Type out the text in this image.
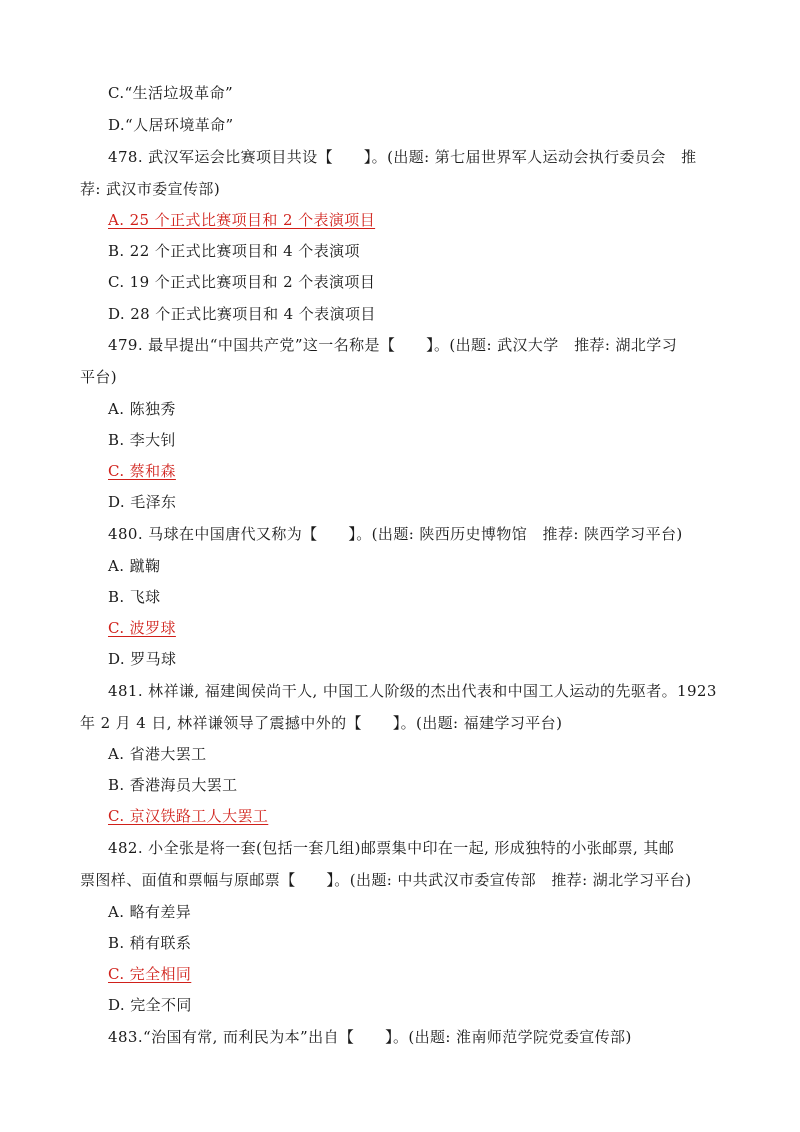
C.“生活垃圾革命”
D.“人居环境革命”
478. 武汉军运会比赛项目共设【　　】。(出题: 第七届世界军人运动会执行委员会　推
荐: 武汉市委宣传部)
A. 25 个正式比赛项目和 2 个表演项目
B. 22 个正式比赛项目和 4 个表演项
C. 19 个正式比赛项目和 2 个表演项目
D. 28 个正式比赛项目和 4 个表演项目
479. 最早提出“中国共产党”这一名称是【　　】。(出题: 武汉大学　推荐: 湖北学习
平台)
A. 陈独秀
B. 李大钊
C. 蔡和森
D. 毛泽东
480. 马球在中国唐代又称为【　　】。(出题: 陕西历史博物馆　推荐: 陕西学习平台)
A. 蹴鞠
B. 飞球
C. 波罗球
D. 罗马球
481. 林祥谦, 福建闽侯尚干人, 中国工人阶级的杰出代表和中国工人运动的先驱者。1923
年 2 月 4 日, 林祥谦领导了震撼中外的【　　】。(出题: 福建学习平台)
A. 省港大罢工
B. 香港海员大罢工
C. 京汉铁路工人大罢工
482. 小全张是将一套(包括一套几组)邮票集中印在一起, 形成独特的小张邮票, 其邮
票图样、面值和票幅与原邮票【　　】。(出题: 中共武汉市委宣传部　推荐: 湖北学习平台)
A. 略有差异
B. 稍有联系
C. 完全相同
D. 完全不同
483.“治国有常, 而利民为本”出自【　　】。(出题: 淮南师范学院党委宣传部)
